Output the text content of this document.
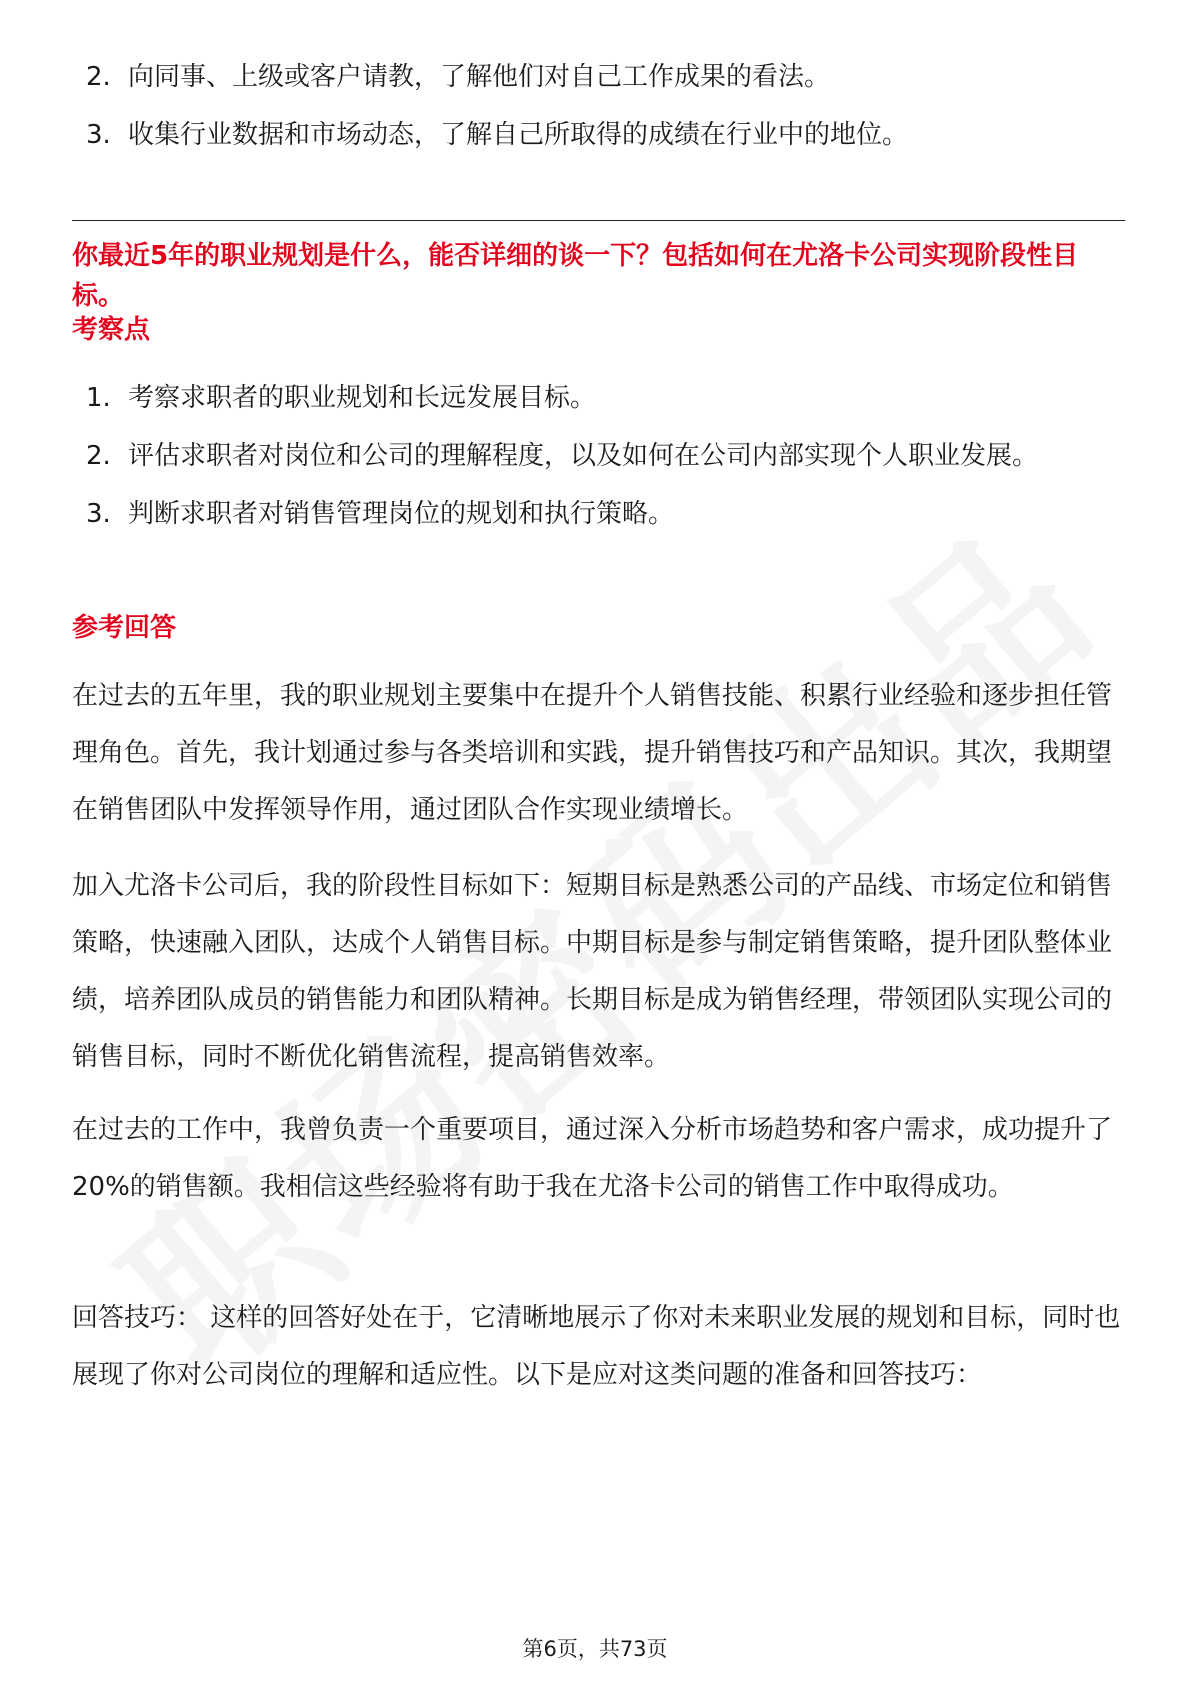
2. 向同事、上级或客户请教，了解他们对自己工作成果的看法。
3. 收集行业数据和市场动态，了解自己所取得的成绩在行业中的地位。

你最近5年的职业规划是什么，能否详细的谈一下？包括如何在尤洛卡公司实现阶段性目标。

考察点

1. 考察求职者的职业规划和长远发展目标。
2. 评估求职者对岗位和公司的理解程度，以及如何在公司内部实现个人职业发展。
3. 判断求职者对销售管理岗位的规划和执行策略。

参考回答

在过去的五年里，我的职业规划主要集中在提升个人销售技能、积累行业经验和逐步担任管理角色。首先，我计划通过参与各类培训和实践，提升销售技巧和产品知识。其次，我期望在销售团队中发挥领导作用，通过团队合作实现业绩增长。

加入尤洛卡公司后，我的阶段性目标如下：短期目标是熟悉公司的产品线、市场定位和销售策略，快速融入团队，达成个人销售目标。中期目标是参与制定销售策略，提升团队整体业绩，培养团队成员的销售能力和团队精神。长期目标是成为销售经理，带领团队实现公司的销售目标，同时不断优化销售流程，提高销售效率。

在过去的工作中，我曾负责一个重要项目，通过深入分析市场趋势和客户需求，成功提升了20%的销售额。我相信这些经验将有助于我在尤洛卡公司的销售工作中取得成功。

回答技巧： 这样的回答好处在于，它清晰地展示了你对未来职业发展的规划和目标，同时也展现了你对公司岗位的理解和适应性。以下是应对这类问题的准备和回答技巧：

第6页，共73页
